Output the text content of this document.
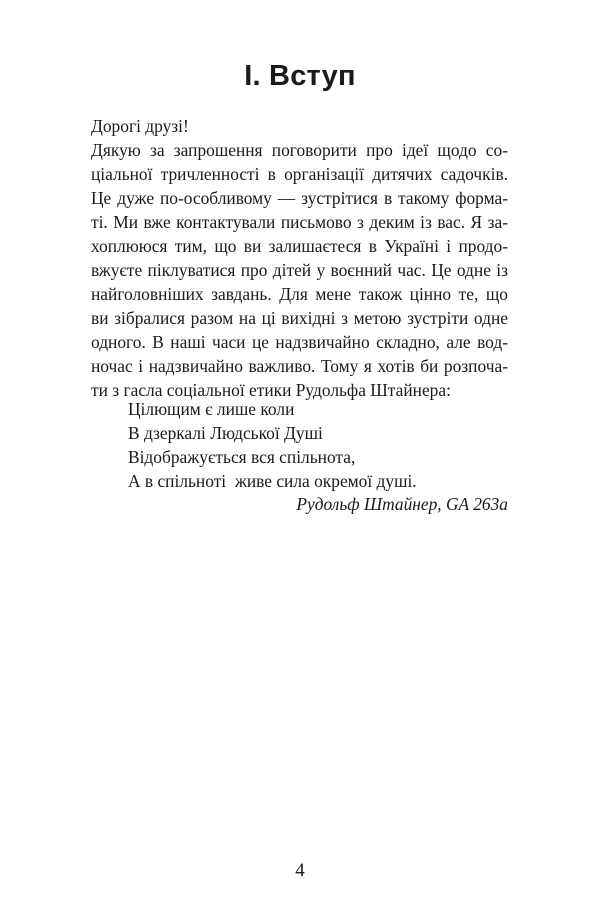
I. Вступ
Дорогі друзі!
Дякую за запрошення поговорити про ідеї щодо со-
ціальної тричленності в організації дитячих садочків.
Це дуже по-особливому — зустрітися в такому форма-
ті. Ми вже контактували письмово з деким із вас. Я за-
хоплююся тим, що ви залишаєтеся в Україні і продо-
вжуєте піклуватися про дітей у воєнний час. Це одне із
найголовніших завдань. Для мене також цінно те, що
ви зібралися разом на ці вихідні з метою зустріти одне
одного. В наші часи це надзвичайно складно, але вод-
ночас і надзвичайно важливо. Тому я хотів би розпоча-
ти з гасла соціальної етики Рудольфа Штайнера:
Цілющим є лише коли
В дзеркалі Людської Душі
Відображується вся спільнота,
А в спільноті  живе сила окремої душі.
Рудольф Штайнер, GA 263a
4
